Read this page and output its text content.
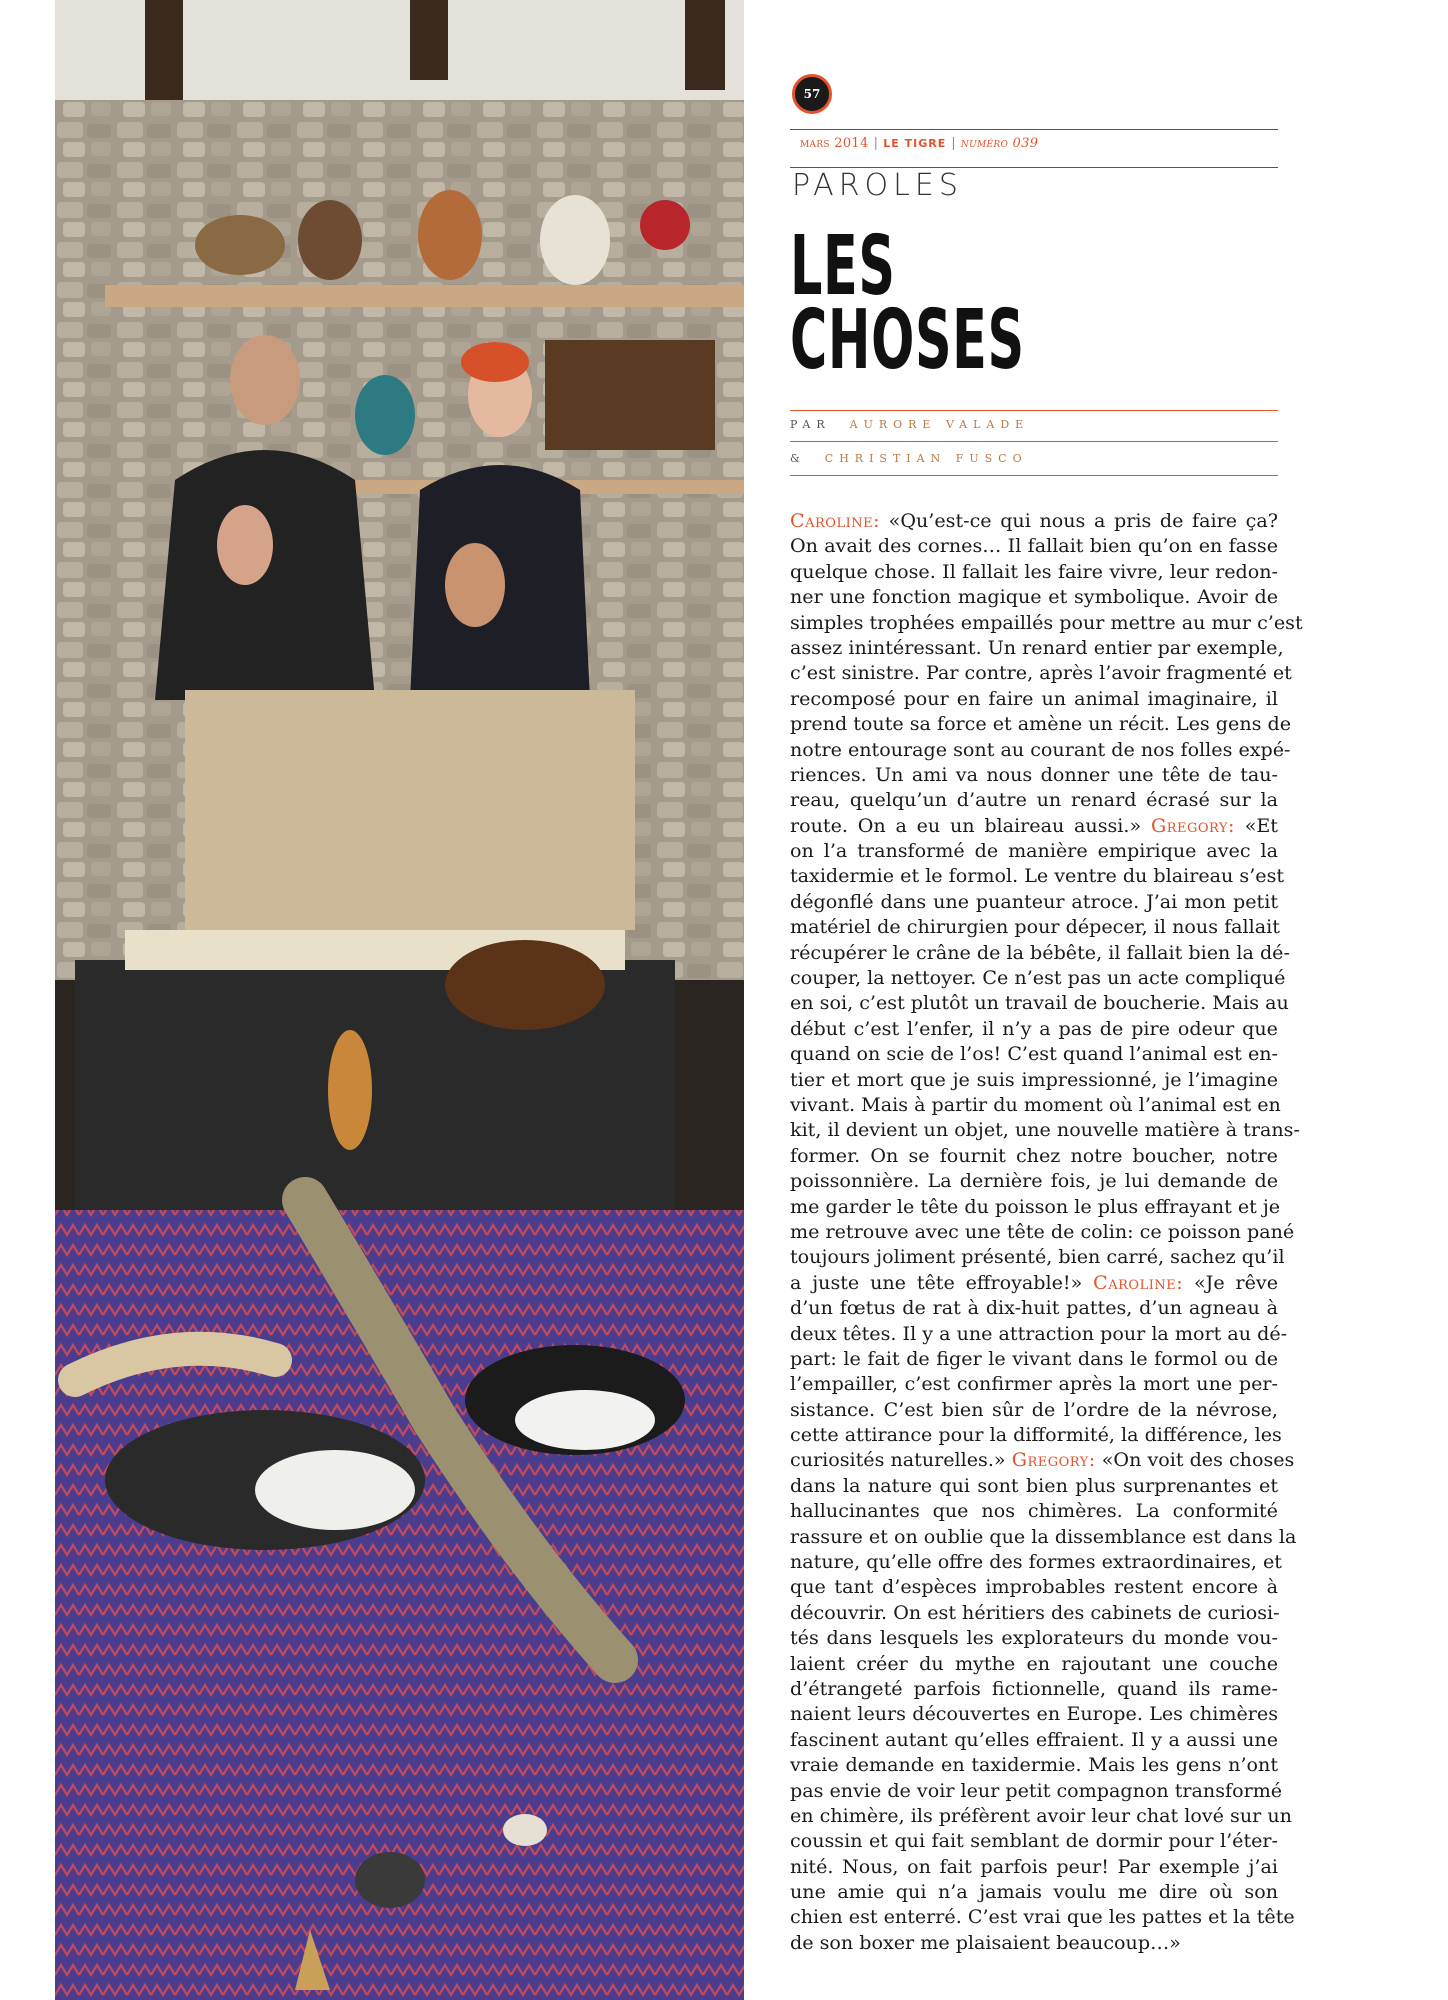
57
mars 2014 | LE TIGRE | numéro 039
PAROLES
LES
CHOSES
PAR AURORE VALADE
& CHRISTIAN FUSCO
Caroline: «Qu’est-ce qui nous a pris de faire ça?
On avait des cornes… Il fallait bien qu’on en fasse
quelque chose. Il fallait les faire vivre, leur redon-
ner une fonction magique et symbolique. Avoir de
simples trophées empaillés pour mettre au mur c’est
assez inintéressant. Un renard entier par exemple,
c’est sinistre. Par contre, après l’avoir fragmenté et
recomposé pour en faire un animal imaginaire, il
prend toute sa force et amène un récit. Les gens de
notre entourage sont au courant de nos folles expé-
riences. Un ami va nous donner une tête de tau-
reau, quelqu’un d’autre un renard écrasé sur la
route. On a eu un blaireau aussi.» Gregory: «Et
on l’a transformé de manière empirique avec la
taxidermie et le formol. Le ventre du blaireau s’est
dégonflé dans une puanteur atroce. J’ai mon petit
matériel de chirurgien pour dépecer, il nous fallait
récupérer le crâne de la bébête, il fallait bien la dé-
couper, la nettoyer. Ce n’est pas un acte compliqué
en soi, c’est plutôt un travail de boucherie. Mais au
début c’est l’enfer, il n’y a pas de pire odeur que
quand on scie de l’os! C’est quand l’animal est en-
tier et mort que je suis impressionné, je l’imagine
vivant. Mais à partir du moment où l’animal est en
kit, il devient un objet, une nouvelle matière à trans-
former. On se fournit chez notre boucher, notre
poissonnière. La dernière fois, je lui demande de
me garder le tête du poisson le plus effrayant et je
me retrouve avec une tête de colin: ce poisson pané
toujours joliment présenté, bien carré, sachez qu’il
a juste une tête effroyable!» Caroline: «Je rêve
d’un fœtus de rat à dix-huit pattes, d’un agneau à
deux têtes. Il y a une attraction pour la mort au dé-
part: le fait de figer le vivant dans le formol ou de
l’empailler, c’est confirmer après la mort une per-
sistance. C’est bien sûr de l’ordre de la névrose,
cette attirance pour la difformité, la différence, les
curiosités naturelles.» Gregory: «On voit des choses
dans la nature qui sont bien plus surprenantes et
hallucinantes que nos chimères. La conformité
rassure et on oublie que la dissemblance est dans la
nature, qu’elle offre des formes extraordinaires, et
que tant d’espèces improbables restent encore à
découvrir. On est héritiers des cabinets de curiosi-
tés dans lesquels les explorateurs du monde vou-
laient créer du mythe en rajoutant une couche
d’étrangeté parfois fictionnelle, quand ils rame-
naient leurs découvertes en Europe. Les chimères
fascinent autant qu’elles effraient. Il y a aussi une
vraie demande en taxidermie. Mais les gens n’ont
pas envie de voir leur petit compagnon transformé
en chimère, ils préfèrent avoir leur chat lové sur un
coussin et qui fait semblant de dormir pour l’éter-
nité. Nous, on fait parfois peur! Par exemple j’ai
une amie qui n’a jamais voulu me dire où son
chien est enterré. C’est vrai que les pattes et la tête
de son boxer me plaisaient beaucoup…»
